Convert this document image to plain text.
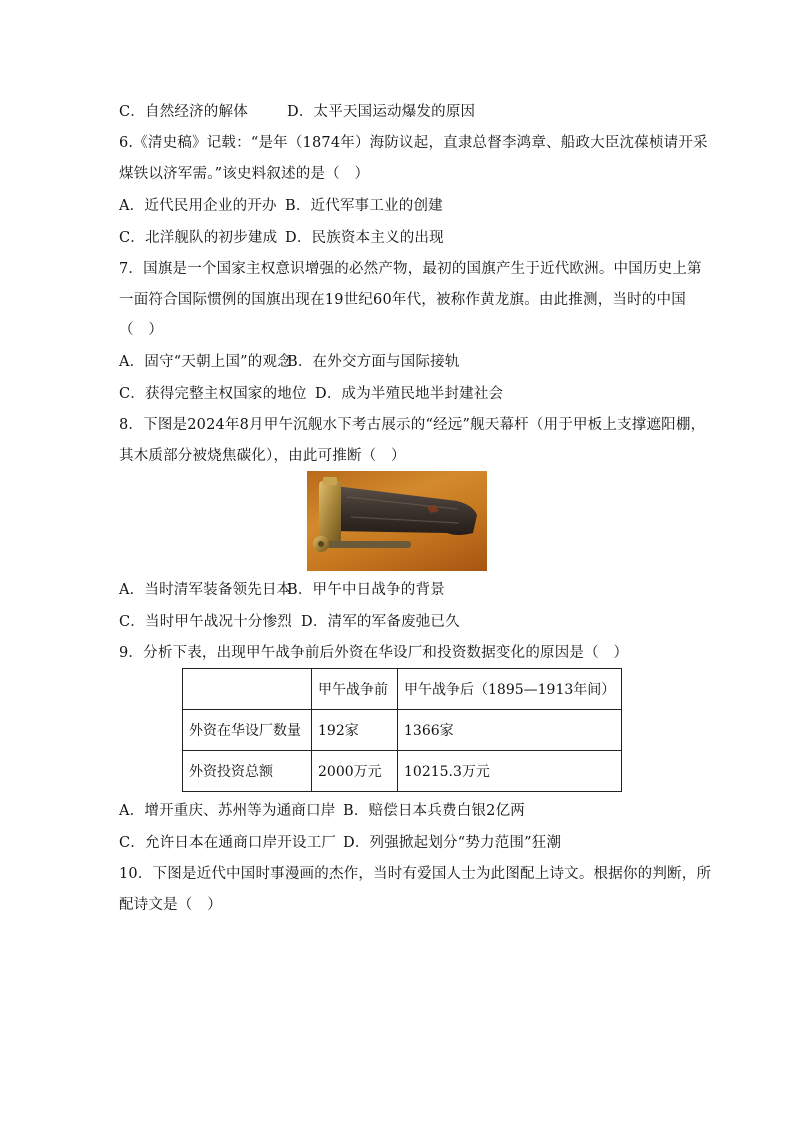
C．自然经济的解体	D．太平天国运动爆发的原因
6.《清史稿》记载：“是年（1874年）海防议起，直隶总督李鸿章、船政大臣沈葆桢请开采
煤铁以济军需。”该史料叙述的是（　）
A．近代民用企业的开办 B．近代军事工业的创建
C．北洋舰队的初步建成 D．民族资本主义的出现
7．国旗是一个国家主权意识增强的必然产物，最初的国旗产生于近代欧洲。中国历史上第
一面符合国际惯例的国旗出现在19世纪60年代，被称作黄龙旗。由此推测，当时的中国
（　）
A．固守“天朝上国”的观念B．在外交方面与国际接轨
C．获得完整主权国家的地位 D．成为半殖民地半封建社会
8．下图是2024年8月甲午沉舰水下考古展示的“经远”舰天幕杆（用于甲板上支撑遮阳棚，
其木质部分被烧焦碳化），由此可推断（　）
A．当时清军装备领先日本B．甲午中日战争的背景
C．当时甲午战况十分惨烈 D．清军的军备废弛已久
9．分析下表，出现甲午战争前后外资在华设厂和投资数据变化的原因是（　）
	甲午战争前	甲午战争后（1895—1913年间）
外资在华设厂数量	192家	1366家
外资投资总额	2000万元	10215.3万元
A．增开重庆、苏州等为通商口岸 B．赔偿日本兵费白银2亿两
C．允许日本在通商口岸开设工厂 D．列强掀起划分“势力范围”狂潮
10．下图是近代中国时事漫画的杰作，当时有爱国人士为此图配上诗文。根据你的判断，所
配诗文是（　）
